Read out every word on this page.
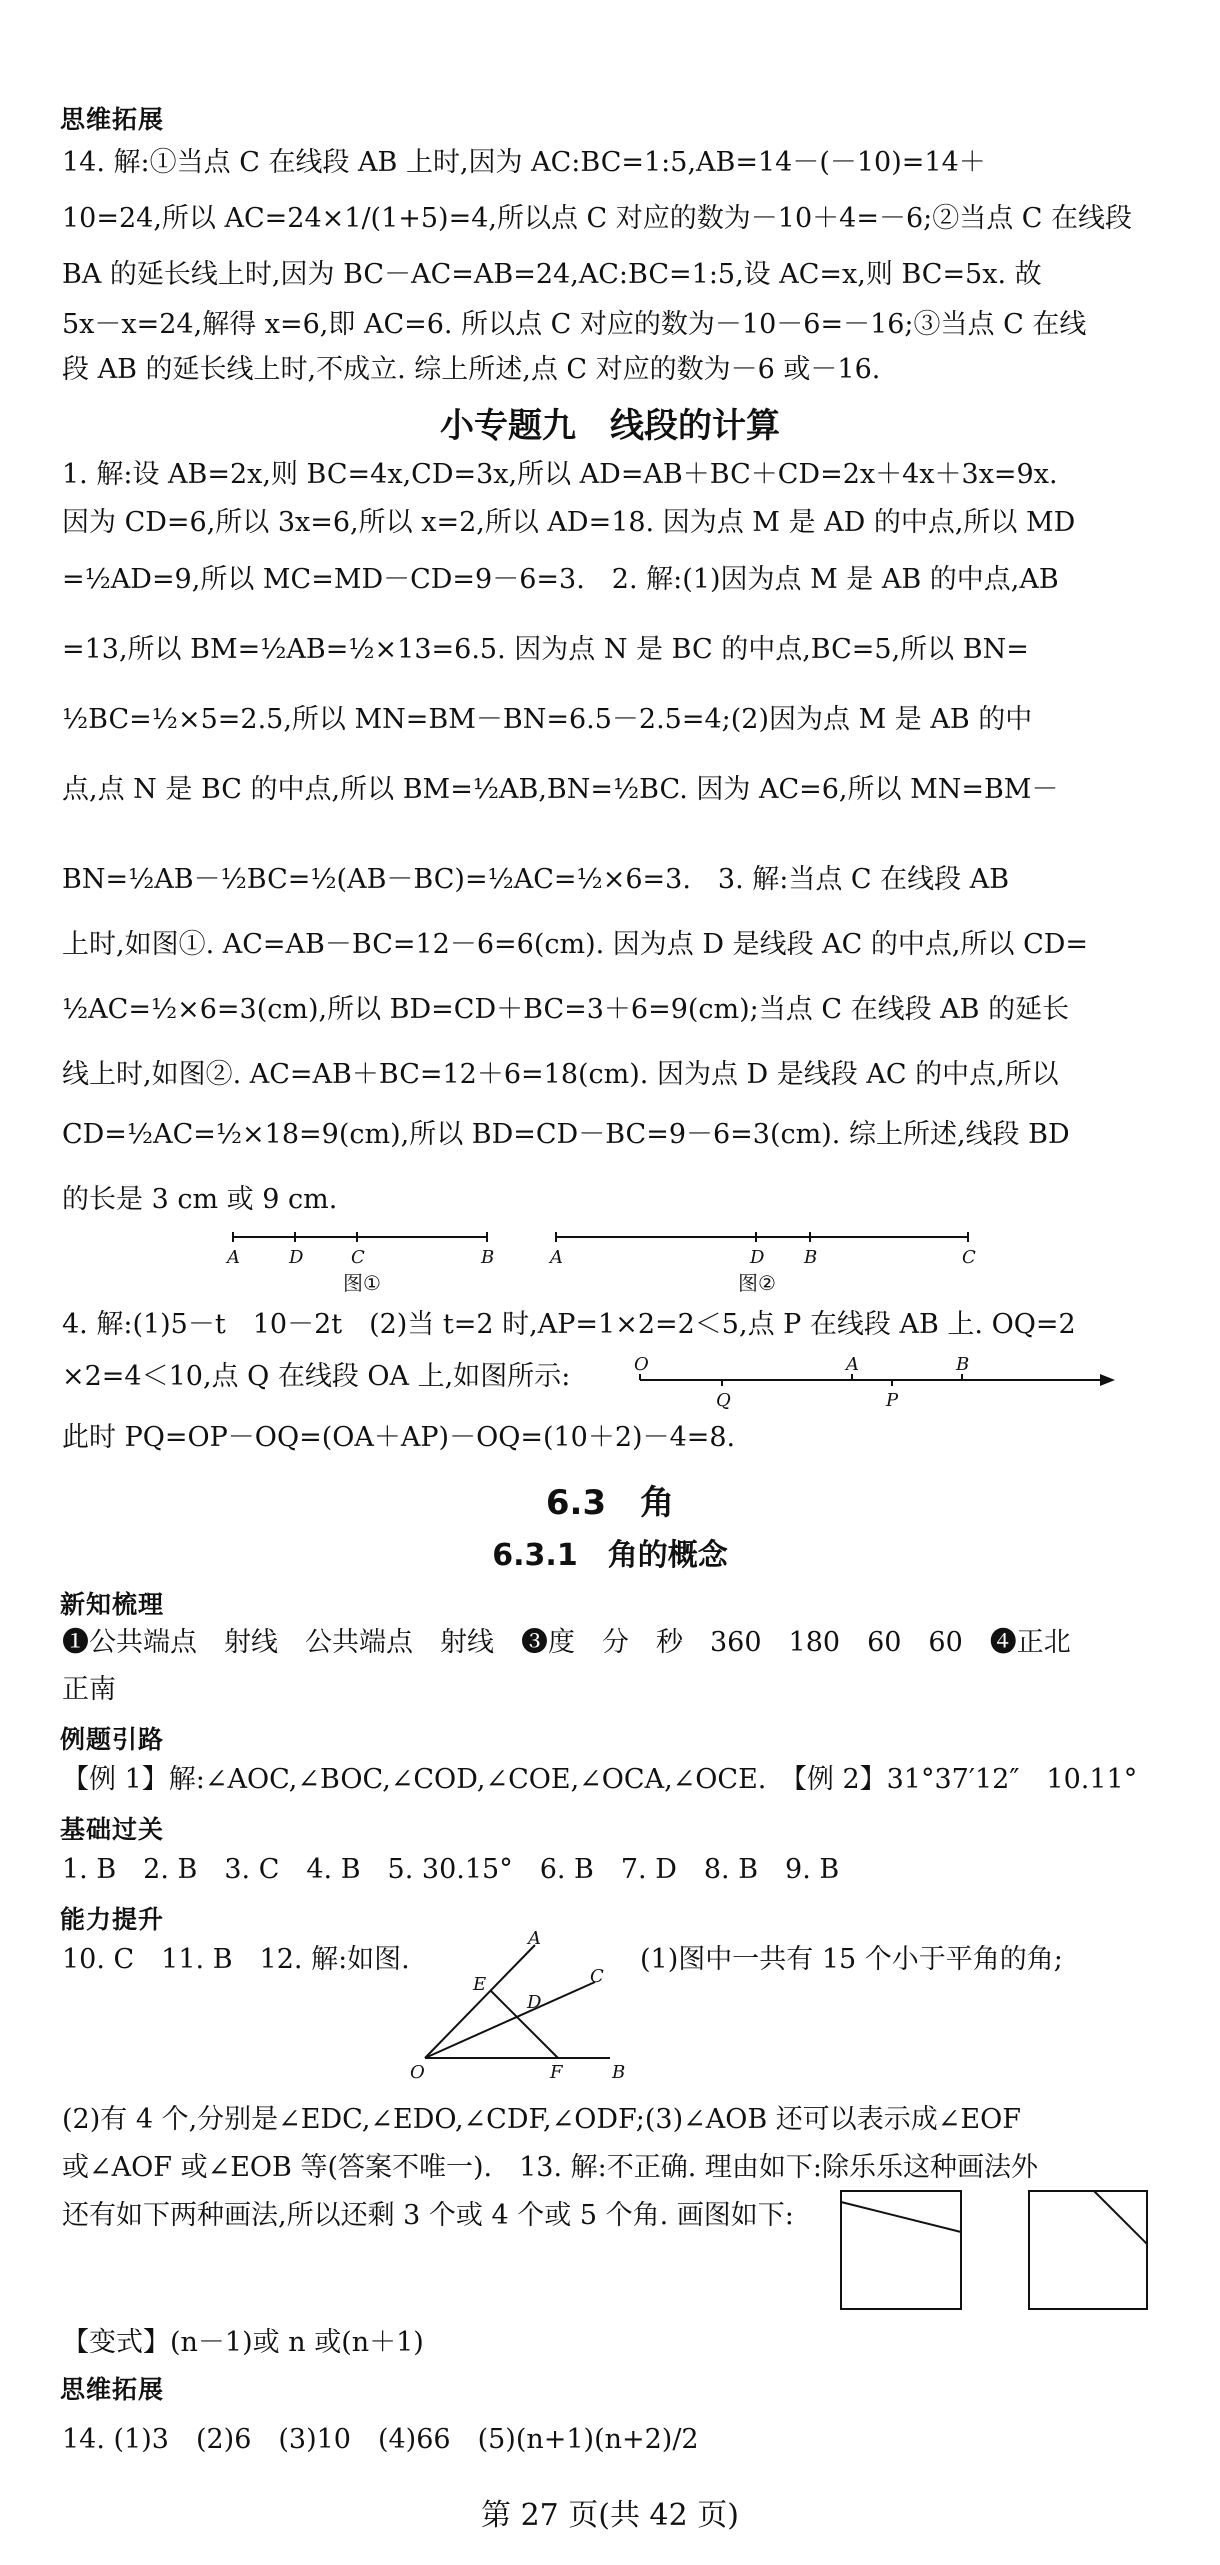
思维拓展
14. 解:①当点 C 在线段 AB 上时,因为 AC:BC=1:5,AB=14－(－10)=14＋
10=24,所以 AC=24×1/(1+5)=4,所以点 C 对应的数为－10＋4=－6;②当点 C 在线段
BA 的延长线上时,因为 BC－AC=AB=24,AC:BC=1:5,设 AC=x,则 BC=5x. 故
5x－x=24,解得 x=6,即 AC=6. 所以点 C 对应的数为－10－6=－16;③当点 C 在线
段 AB 的延长线上时,不成立. 综上所述,点 C 对应的数为－6 或－16.
小专题九　线段的计算
1. 解:设 AB=2x,则 BC=4x,CD=3x,所以 AD=AB＋BC＋CD=2x＋4x＋3x=9x.
因为 CD=6,所以 3x=6,所以 x=2,所以 AD=18. 因为点 M 是 AD 的中点,所以 MD
=½AD=9,所以 MC=MD－CD=9－6=3.　2. 解:(1)因为点 M 是 AB 的中点,AB
=13,所以 BM=½AB=½×13=6.5. 因为点 N 是 BC 的中点,BC=5,所以 BN=
½BC=½×5=2.5,所以 MN=BM－BN=6.5－2.5=4;(2)因为点 M 是 AB 的中
点,点 N 是 BC 的中点,所以 BM=½AB,BN=½BC. 因为 AC=6,所以 MN=BM－
BN=½AB－½BC=½(AB－BC)=½AC=½×6=3.　3. 解:当点 C 在线段 AB
上时,如图①. AC=AB－BC=12－6=6(cm). 因为点 D 是线段 AC 的中点,所以 CD=
½AC=½×6=3(cm),所以 BD=CD＋BC=3＋6=9(cm);当点 C 在线段 AB 的延长
线上时,如图②. AC=AB＋BC=12＋6=18(cm). 因为点 D 是线段 AC 的中点,所以
CD=½AC=½×18=9(cm),所以 BD=CD－BC=9－6=3(cm). 综上所述,线段 BD
的长是 3 cm 或 9 cm.
A	D	C	B
图①
A	D B	C
图②
4. 解:(1)5－t　10－2t　(2)当 t=2 时,AP=1×2=2＜5,点 P 在线段 AB 上. OQ=2
×2=4＜10,点 Q 在线段 OA 上,如图所示:	O
Q
A
P
B
此时 PQ=OP－OQ=(OA＋AP)－OQ=(10＋2)－4=8.
6.3　角
6.3.1　角的概念
新知梳理
❶公共端点　射线　公共端点　射线　❸度　分　秒　360　180　60　60　❹正北
正南
例题引路
【例 1】解:∠AOC,∠BOC,∠COD,∠COE,∠OCA,∠OCE.　【例 2】31°37′12″　10.11°
基础过关
1. B　2. B　3. C　4. B　5. 30.15°　6. B　7. D　8. B　9. B
能力提升
10. C　11. B　12. 解:如图.	(1)图中一共有 15 个小于平角的角;
A
E
D
C
O	F	B
(2)有 4 个,分别是∠EDC,∠EDO,∠CDF,∠ODF;(3)∠AOB 还可以表示成∠EOF
或∠AOF 或∠EOB 等(答案不唯一).　13. 解:不正确. 理由如下:除乐乐这种画法外
还有如下两种画法,所以还剩 3 个或 4 个或 5 个角. 画图如下:
【变式】(n－1)或 n 或(n＋1)
思维拓展
14. (1)3　(2)6　(3)10　(4)66　(5)(n+1)(n+2)/2
第 27 页(共 42 页)
